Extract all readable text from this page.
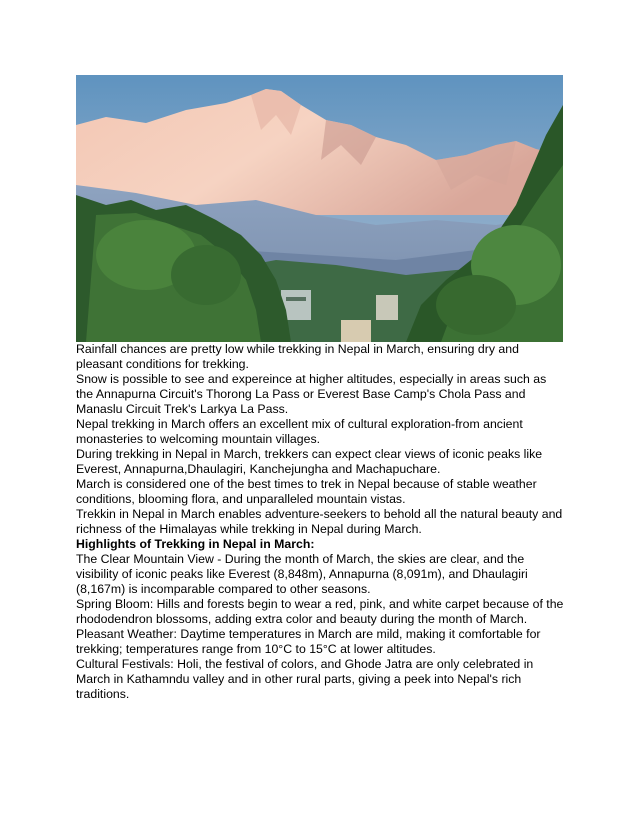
Rainfall chances are pretty low while trekking in Nepal in March, ensuring dry and pleasant conditions for trekking.

Snow is possible to see and expereince at higher altitudes, especially in areas such as the Annapurna Circuit's Thorong La Pass or Everest Base Camp's Chola Pass and Manaslu Circuit Trek's Larkya La Pass.

Nepal trekking in March offers an excellent mix of cultural exploration-from ancient monasteries to welcoming mountain villages.

During trekking in Nepal in March, trekkers can expect clear views of iconic peaks like Everest, Annapurna,Dhaulagiri, Kanchejungha and Machapuchare.

March is considered one of the best times to trek in Nepal because of stable weather conditions, blooming flora, and unparalleled mountain vistas.

Trekkin in Nepal in March enables adventure-seekers to behold all the natural beauty and richness of the Himalayas while trekking in Nepal during March.

Highlights of Trekking in Nepal in March:

The Clear Mountain View - During the month of March, the skies are clear, and the visibility of iconic peaks like Everest (8,848m), Annapurna (8,091m), and Dhaulagiri (8,167m) is incomparable compared to other seasons.

Spring Bloom: Hills and forests begin to wear a red, pink, and white carpet because of the rhododendron blossoms, adding extra color and beauty during the month of March.

Pleasant Weather: Daytime temperatures in March are mild, making it comfortable for trekking; temperatures range from 10°C to 15°C at lower altitudes.

Cultural Festivals: Holi, the festival of colors, and Ghode Jatra are only celebrated in March in Kathamndu valley and in other rural parts, giving a peek into Nepal's rich traditions.
